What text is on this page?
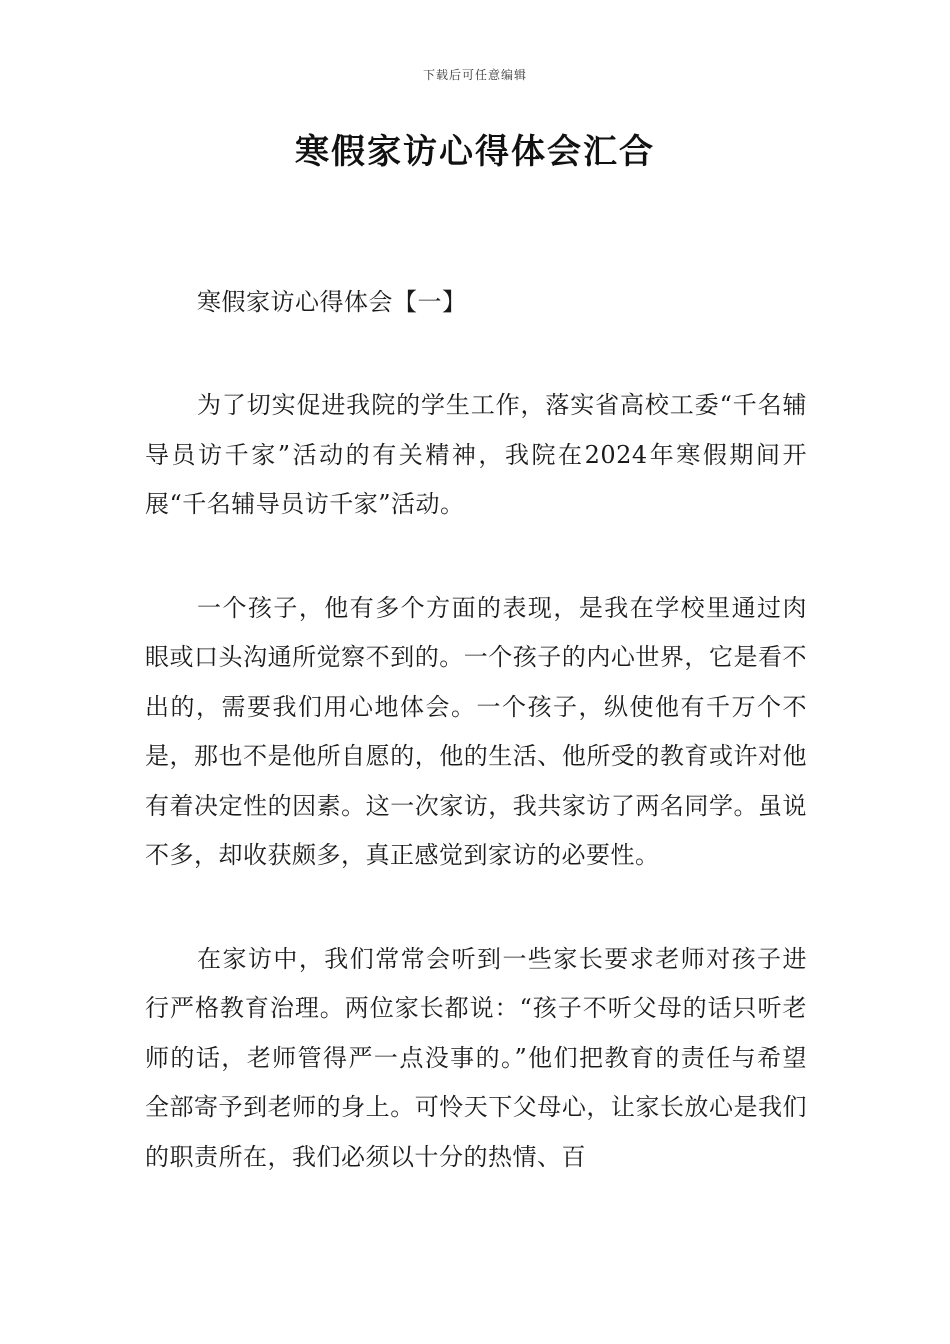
下载后可任意编辑
寒假家访心得体会汇合

寒假家访心得体会【一】

为了切实促进我院的学生工作，落实省高校工委“千名辅导员访千家”活动的有关精神，我院在2024年寒假期间开展“千名辅导员访千家”活动。

一个孩子，他有多个方面的表现，是我在学校里通过肉眼或口头沟通所觉察不到的。一个孩子的内心世界，它是看不出的，需要我们用心地体会。一个孩子，纵使他有千万个不是，那也不是他所自愿的，他的生活、他所受的教育或许对他有着决定性的因素。这一次家访，我共家访了两名同学。虽说不多，却收获颇多，真正感觉到家访的必要性。

在家访中，我们常常会听到一些家长要求老师对孩子进行严格教育治理。两位家长都说：“孩子不听父母的话只听老师的话，老师管得严一点没事的。”他们把教育的责任与希望全部寄予到老师的身上。可怜天下父母心，让家长放心是我们的职责所在，我们必须以十分的热情、百
